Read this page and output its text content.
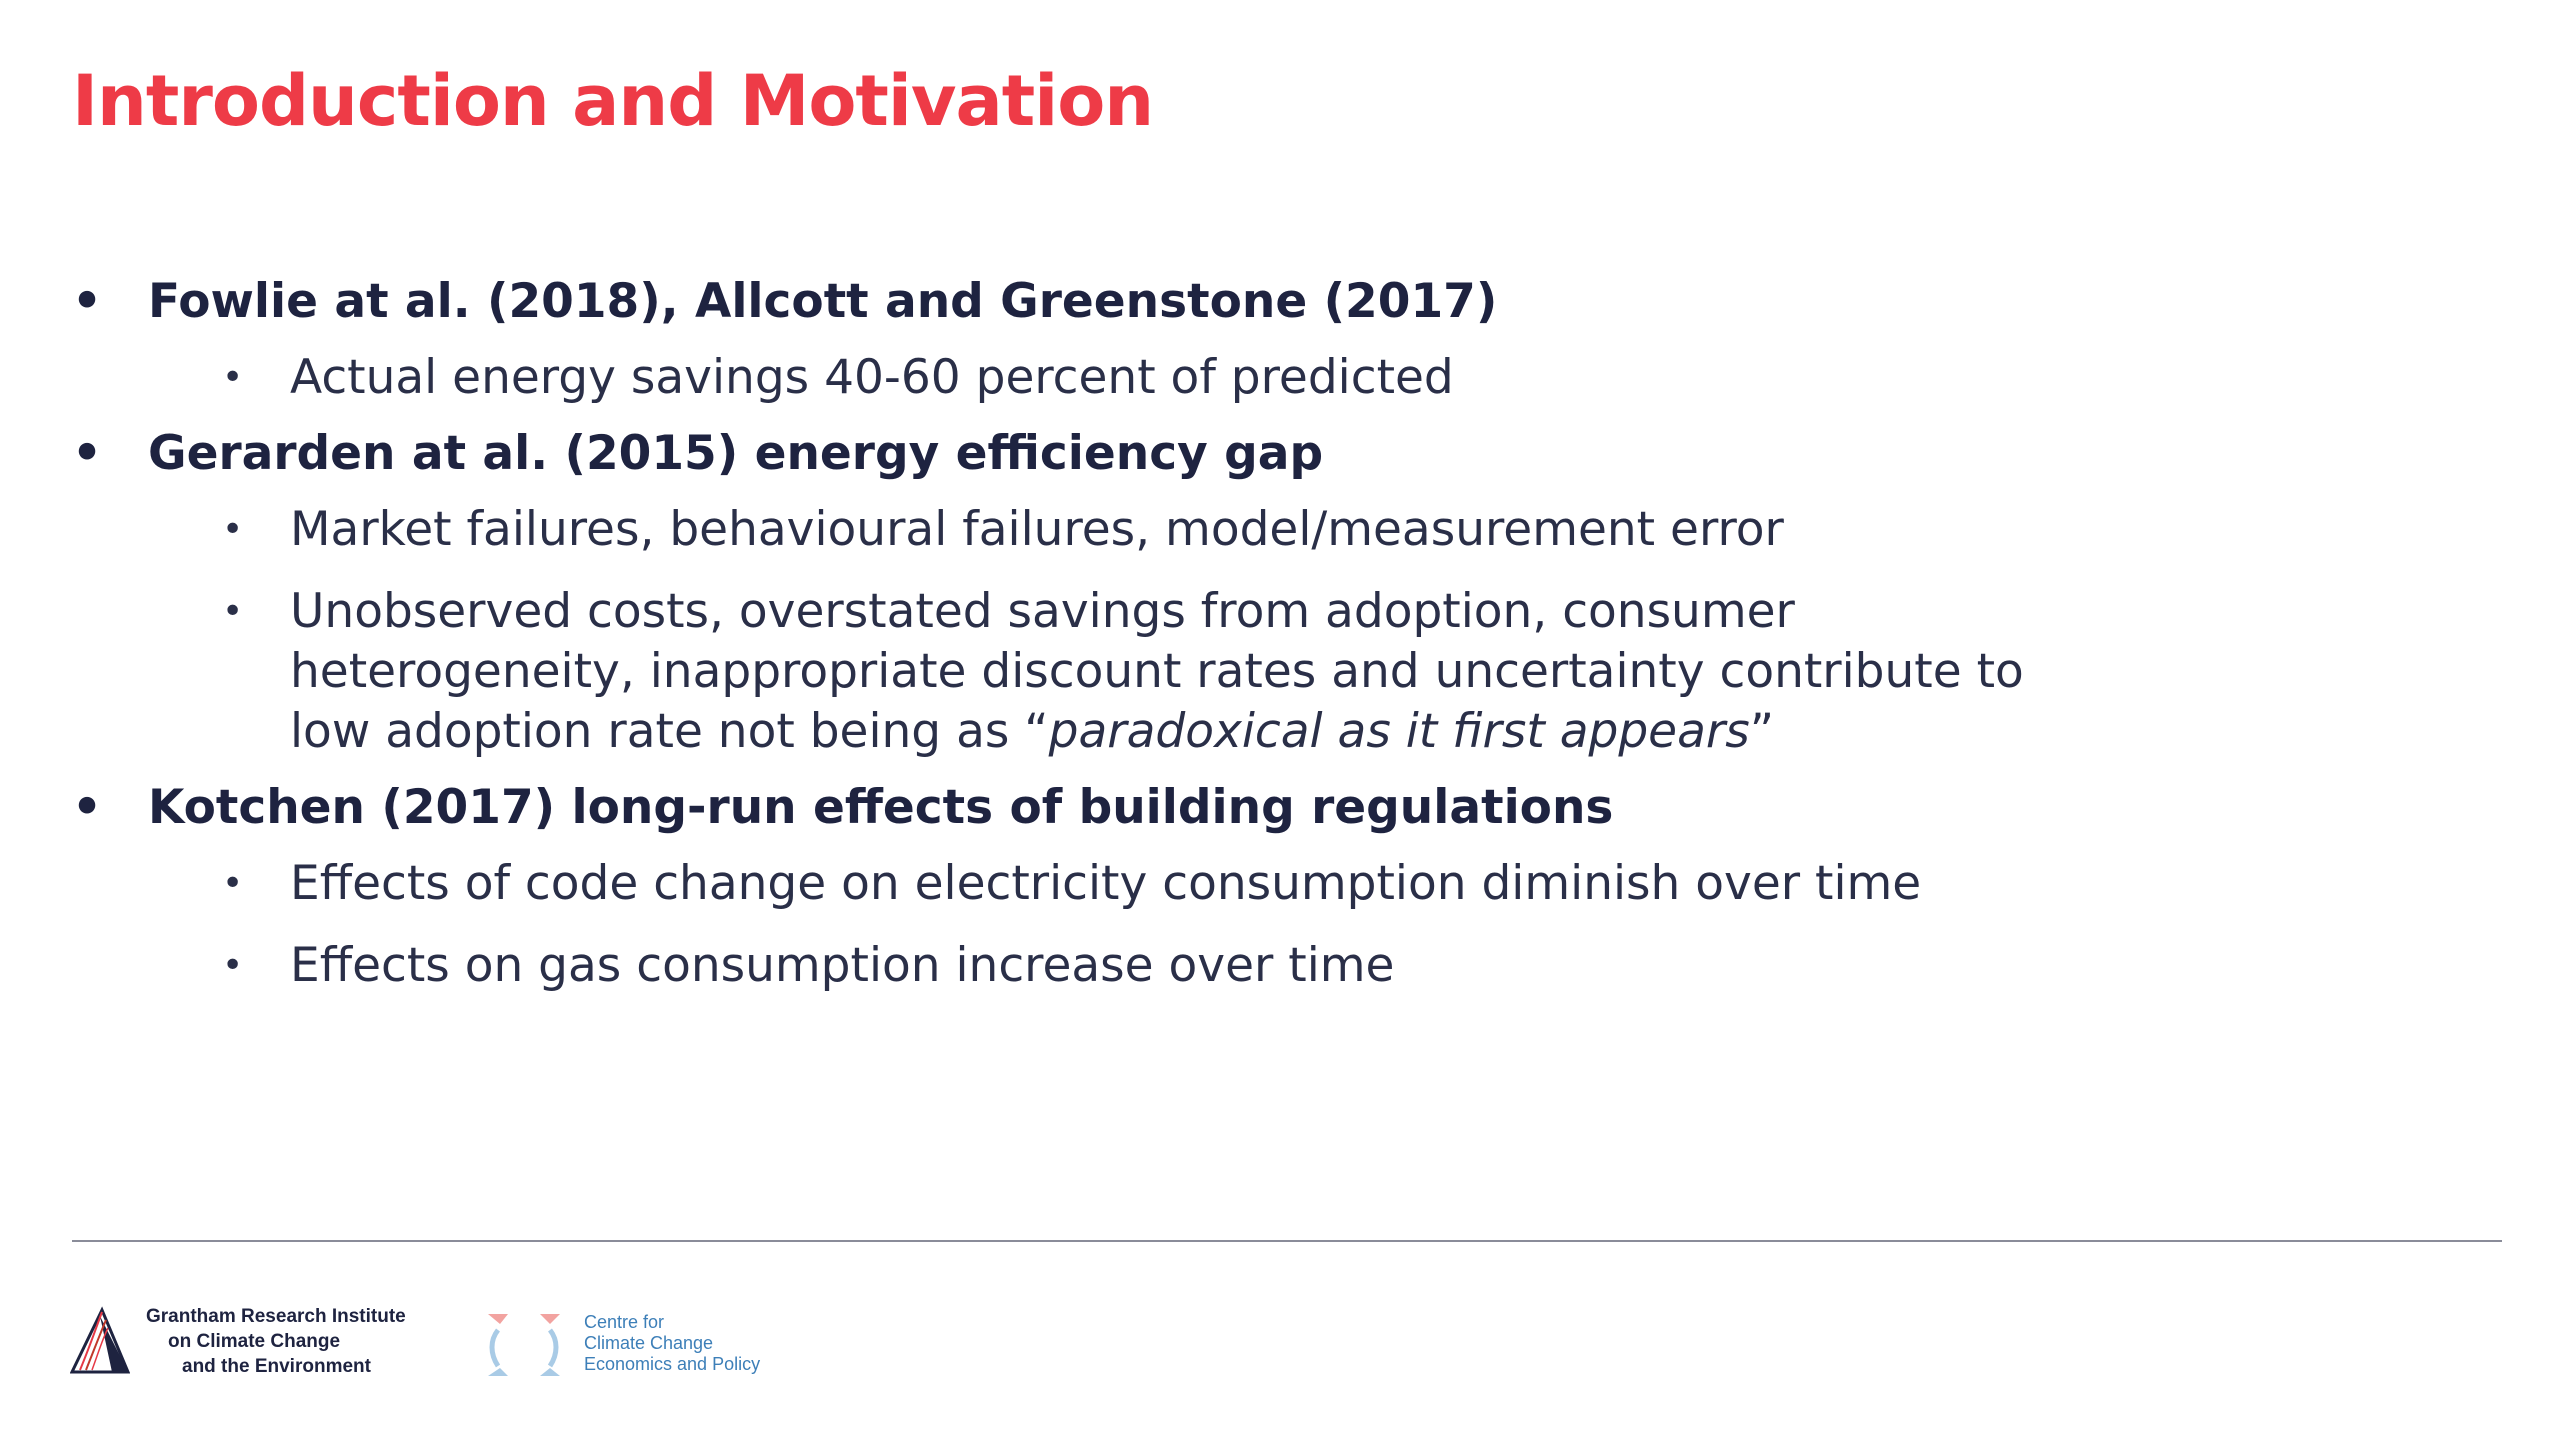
Introduction and Motivation

• Fowlie at al. (2018), Allcott and Greenstone (2017)

• Actual energy savings 40-60 percent of predicted

• Gerarden at al. (2015) energy efficiency gap

• Market failures, behavioural failures, model/measurement error

• Unobserved costs, overstated savings from adoption, consumer
heterogeneity, inappropriate discount rates and uncertainty contribute to
low adoption rate not being as “paradoxical as it first appears”

• Kotchen (2017) long-run effects of building regulations

• Effects of code change on electricity consumption diminish over time

• Effects on gas consumption increase over time

Grantham Research Institute
on Climate Change
and the Environment
Centre for
Climate Change
Economics and Policy
